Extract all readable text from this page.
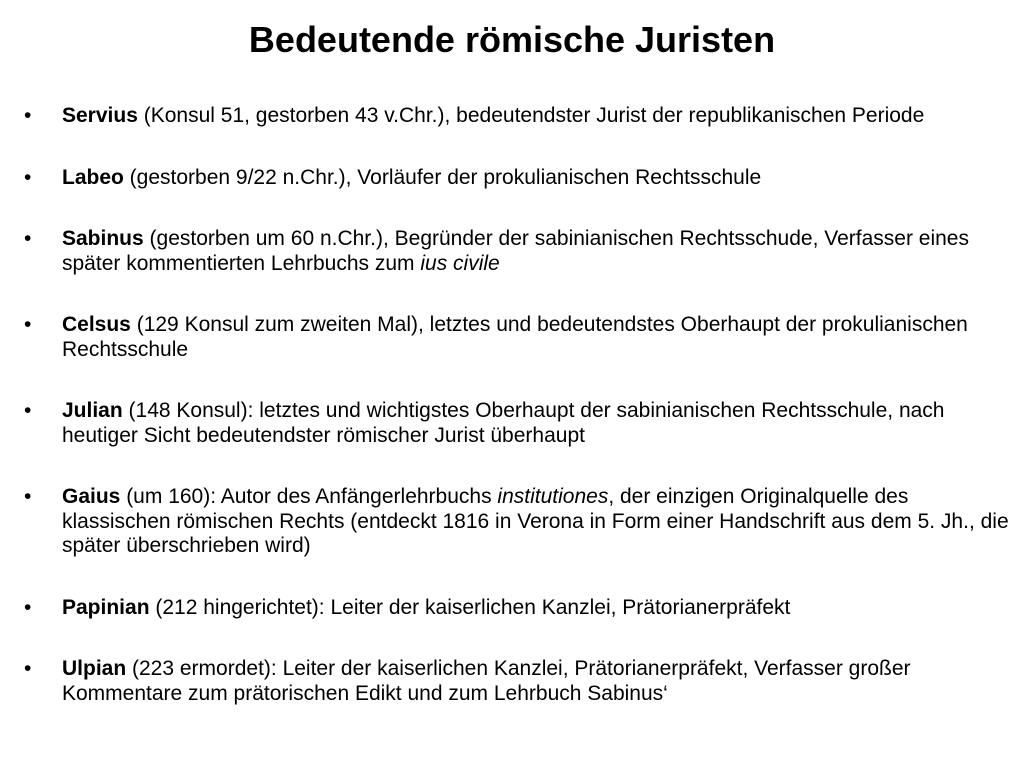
Bedeutende römische Juristen
• Servius (Konsul 51, gestorben 43 v.Chr.), bedeutendster Jurist der republikanischen Periode
• Labeo (gestorben 9/22 n.Chr.), Vorläufer der prokulianischen Rechtsschule
• Sabinus (gestorben um 60 n.Chr.), Begründer der sabinianischen Rechtsschude, Verfasser eines später kommentierten Lehrbuchs zum ius civile
• Celsus (129 Konsul zum zweiten Mal), letztes und bedeutendstes Oberhaupt der prokulianischen Rechtsschule
• Julian (148 Konsul): letztes und wichtigstes Oberhaupt der sabinianischen Rechtsschule, nach heutiger Sicht bedeutendster römischer Jurist überhaupt
• Gaius (um 160): Autor des Anfängerlehrbuchs institutiones, der einzigen Originalquelle des klassischen römischen Rechts (entdeckt 1816 in Verona in Form einer Handschrift aus dem 5. Jh., die später überschrieben wird)
• Papinian (212 hingerichtet): Leiter der kaiserlichen Kanzlei, Prätorianerpräfekt
• Ulpian (223 ermordet): Leiter der kaiserlichen Kanzlei, Prätorianerpräfekt, Verfasser großer Kommentare zum prätorischen Edikt und zum Lehrbuch Sabinus‘
